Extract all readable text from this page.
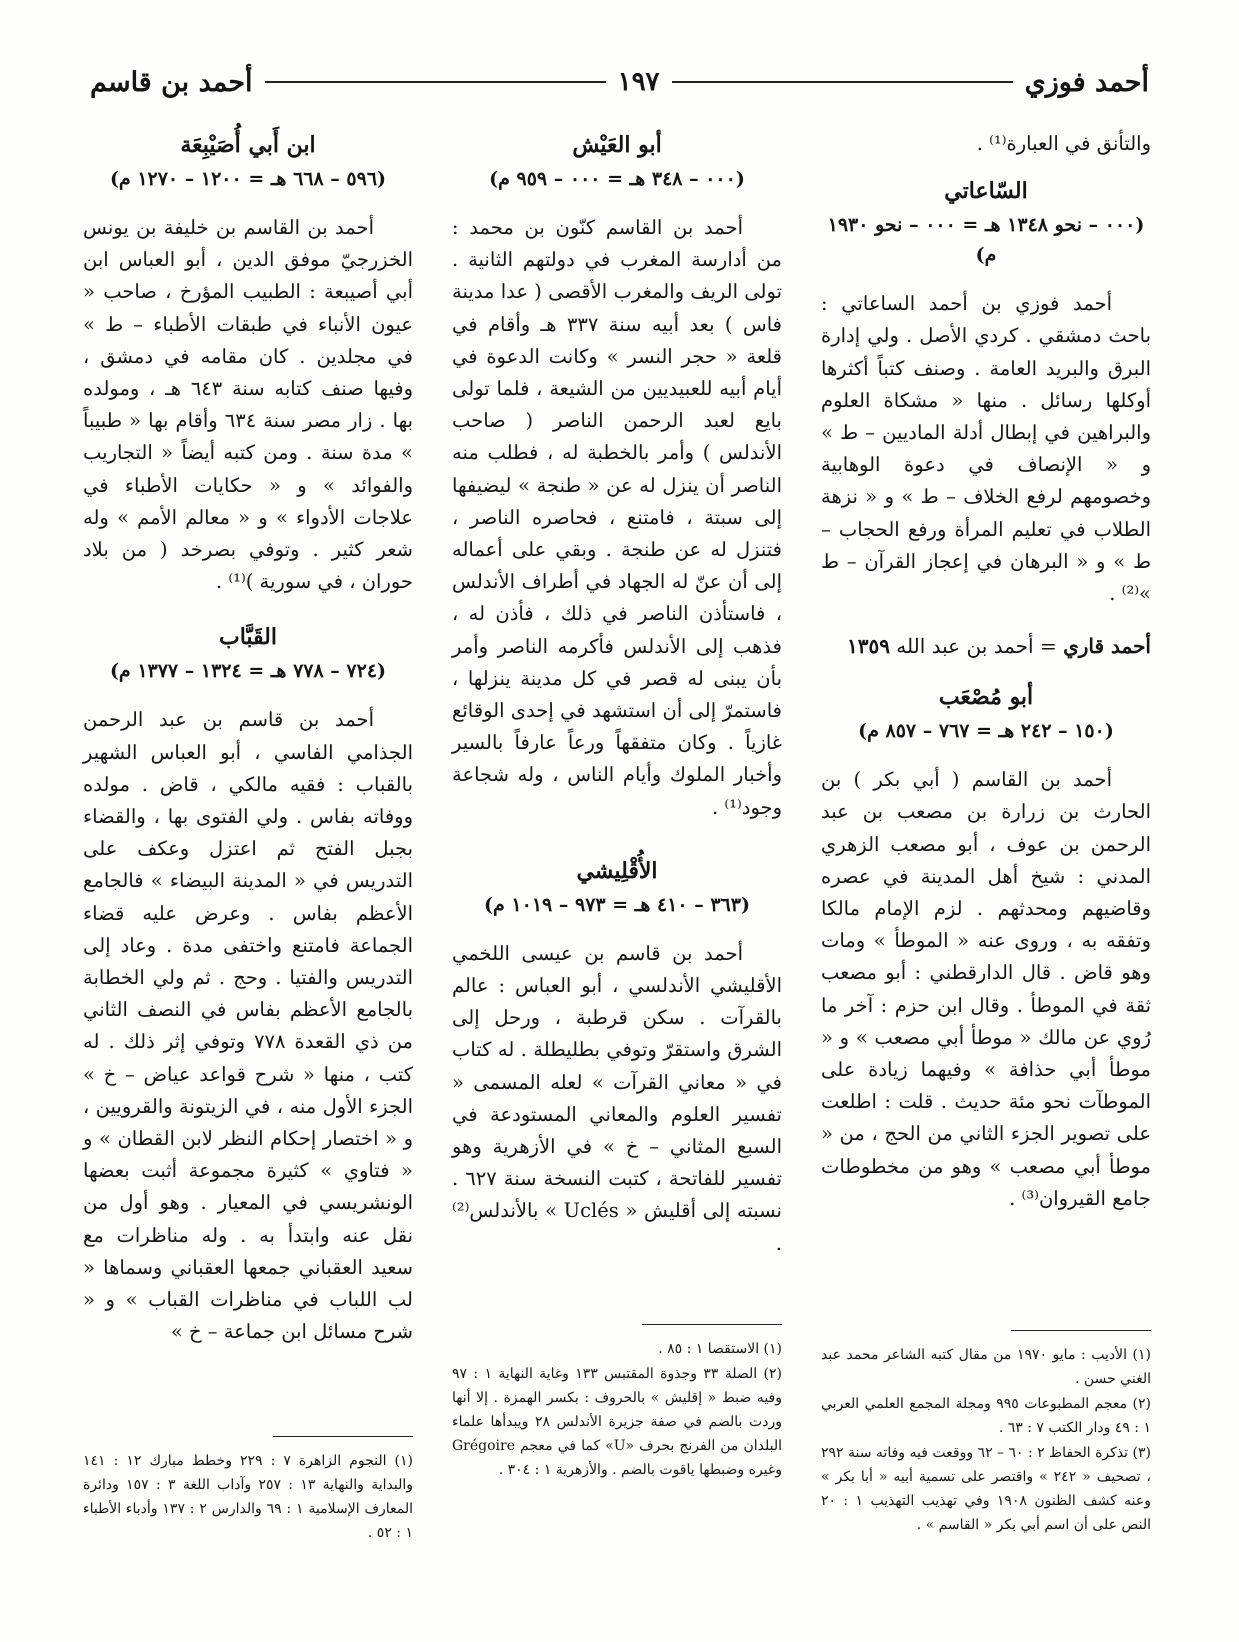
أحمد فوزي
١٩٧
أحمد بن قاسم

والتأنق في العبارة⁽¹⁾ .

السّاعاتي
(٠٠٠ – نحو ١٣٤٨ هـ = ٠٠٠ – نحو ١٩٣٠ م)

أحمد فوزي بن أحمد الساعاتي : باحث دمشقي . كردي الأصل . ولي إدارة البرق والبريد العامة . وصنف كتباً أكثرها أوكلها رسائل . منها « مشكاة العلوم والبراهين في إبطال أدلة الماديين – ط » و « الإنصاف في دعوة الوهابية وخصومهم لرفع الخلاف – ط » و « نزهة الطلاب في تعليم المرأة ورفع الحجاب – ط » و « البرهان في إعجاز القرآن – ط »⁽²⁾ .

أحمد قاري = أحمد بن عبد الله ١٣٥٩
أبو مُصْعَب
(١٥٠ – ٢٤٢ هـ = ٧٦٧ – ٨٥٧ م)

أحمد بن القاسم ( أبي بكر ) بن الحارث بن زرارة بن مصعب بن عبد الرحمن بن عوف ، أبو مصعب الزهري المدني : شيخ أهل المدينة في عصره وقاضيهم ومحدثهم . لزم الإمام مالكا وتفقه به ، وروى عنه « الموطأ » ومات وهو قاض . قال الدارقطني : أبو مصعب ثقة في الموطأ . وقال ابن حزم : آخر ما رُوي عن مالك « موطأ أبي مصعب » و « موطأ أبي حذافة » وفيهما زيادة على الموطآت نحو مئة حديث . قلت : اطلعت على تصوير الجزء الثاني من الحج ، من « موطأ أبي مصعب » وهو من مخطوطات جامع القيروان⁽³⁾ .

أبو العَيْش
(٠٠٠ – ٣٤٨ هـ = ٠٠٠ – ٩٥٩ م)

أحمد بن القاسم كنّون بن محمد : من أدارسة المغرب في دولتهم الثانية . تولى الريف والمغرب الأقصى ( عدا مدينة فاس ) بعد أبيه سنة ٣٣٧ هـ وأقام في قلعة « حجر النسر » وكانت الدعوة في أيام أبيه للعبيديين من الشيعة ، فلما تولى بايع لعبد الرحمن الناصر ( صاحب الأندلس ) وأمر بالخطبة له ، فطلب منه الناصر أن ينزل له عن « طنجة » ليضيفها إلى سبتة ، فامتنع ، فحاصره الناصر ، فتنزل له عن طنجة . وبقي على أعماله إلى أن عنّ له الجهاد في أطراف الأندلس ، فاستأذن الناصر في ذلك ، فأذن له ، فذهب إلى الأندلس فأكرمه الناصر وأمر بأن يبنى له قصر في كل مدينة ينزلها ، فاستمرّ إلى أن استشهد في إحدى الوقائع غازياً . وكان متفقهاً ورعاً عارفاً بالسير وأخبار الملوك وأيام الناس ، وله شجاعة وجود⁽¹⁾ .

الأُقْلِيشي
(٣٦٣ – ٤١٠ هـ = ٩٧٣ – ١٠١٩ م)

أحمد بن قاسم بن عيسى اللخمي الأقليشي الأندلسي ، أبو العباس : عالم بالقرآت . سكن قرطبة ، ورحل إلى الشرق واستقرّ وتوفي بطليطلة . له كتاب في « معاني القرآت » لعله المسمى « تفسير العلوم والمعاني المستودعة في السبع المثاني – خ » في الأزهرية وهو تفسير للفاتحة ، كتبت النسخة سنة ٦٢٧ . نسبته إلى أقليش « Uclés » بالأندلس⁽²⁾ .

ابن أَبي أُصَيْبِعَة
(٥٩٦ – ٦٦٨ هـ = ١٢٠٠ – ١٢٧٠ م)

أحمد بن القاسم بن خليفة بن يونس الخزرجيّ موفق الدين ، أبو العباس ابن أبي أصيبعة : الطبيب المؤرخ ، صاحب « عيون الأنباء في طبقات الأطباء – ط » في مجلدين . كان مقامه في دمشق ، وفيها صنف كتابه سنة ٦٤٣ هـ ، ومولده بها . زار مصر سنة ٦٣٤ وأقام بها « طبيباً » مدة سنة . ومن كتبه أيضاً « التجاريب والفوائد » و « حكايات الأطباء في علاجات الأدواء » و « معالم الأمم » وله شعر كثير . وتوفي بصرخد ( من بلاد حوران ، في سورية )⁽¹⁾ .

القَبَّاب
(٧٢٤ – ٧٧٨ هـ = ١٣٢٤ – ١٣٧٧ م)

أحمد بن قاسم بن عبد الرحمن الجذامي الفاسي ، أبو العباس الشهير بالقباب : فقيه مالكي ، قاض . مولده ووفاته بفاس . ولي الفتوى بها ، والقضاء بجبل الفتح ثم اعتزل وعكف على التدريس في « المدينة البيضاء » فالجامع الأعظم بفاس . وعرض عليه قضاء الجماعة فامتنع واختفى مدة . وعاد إلى التدريس والفتيا . وحج . ثم ولي الخطابة بالجامع الأعظم بفاس في النصف الثاني من ذي القعدة ٧٧٨ وتوفي إثر ذلك . له كتب ، منها « شرح قواعد عياض – خ » الجزء الأول منه ، في الزيتونة والقرويين ، و « اختصار إحكام النظر لابن القطان » و « فتاوي » كثيرة مجموعة أثبت بعضها الونشريسي في المعيار . وهو أول من نقل عنه وابتدأ به . وله مناظرات مع سعيد العقباني جمعها العقباني وسماها « لب اللباب في مناظرات القباب » و « شرح مسائل ابن جماعة – خ »

(١) الأديب : مايو ١٩٧٠ من مقال كتبه الشاعر محمد عبد الغني حسن .
(٢) معجم المطبوعات ٩٩٥ ومجلة المجمع العلمي العربي ١ : ٤٩ ودار الكتب ٧ : ٦٣ .
(٣) تذكرة الحفاظ ٢ : ٦٠ – ٦٢ ووقعت فيه وفاته سنة ٢٩٢ ، تصحيف « ٢٤٢ » واقتصر على تسمية أبيه « أبا بكر » وعنه كشف الظنون ١٩٠٨ وفي تهذيب التهذيب ١ : ٢٠ النص على أن اسم أبي بكر « القاسم » .
(١) الاستقصا ١ : ٨٥ .
(٢) الصلة ٣٣ وجذوة المقتبس ١٣٣ وغاية النهاية ١ : ٩٧ وفيه ضبط « إقليش » بالحروف : بكسر الهمزة . إلا أنها وردت بالضم في صفة جزيرة الأندلس ٢٨ ويبدأها علماء البلدان من الفرنج بحرف «U» كما في معجم Grégoire وغيره وضبطها ياقوت بالضم . والأزهرية ١ : ٣٠٤ .
(١) النجوم الزاهرة ٧ : ٢٢٩ وخطط مبارك ١٢ : ١٤١ والبداية والنهاية ١٣ : ٢٥٧ وآداب اللغة ٣ : ١٥٧ ودائرة المعارف الإسلامية ١ : ٦٩ والدارس ٢ : ١٣٧ وأدباء الأطباء ١ : ٥٢ .
